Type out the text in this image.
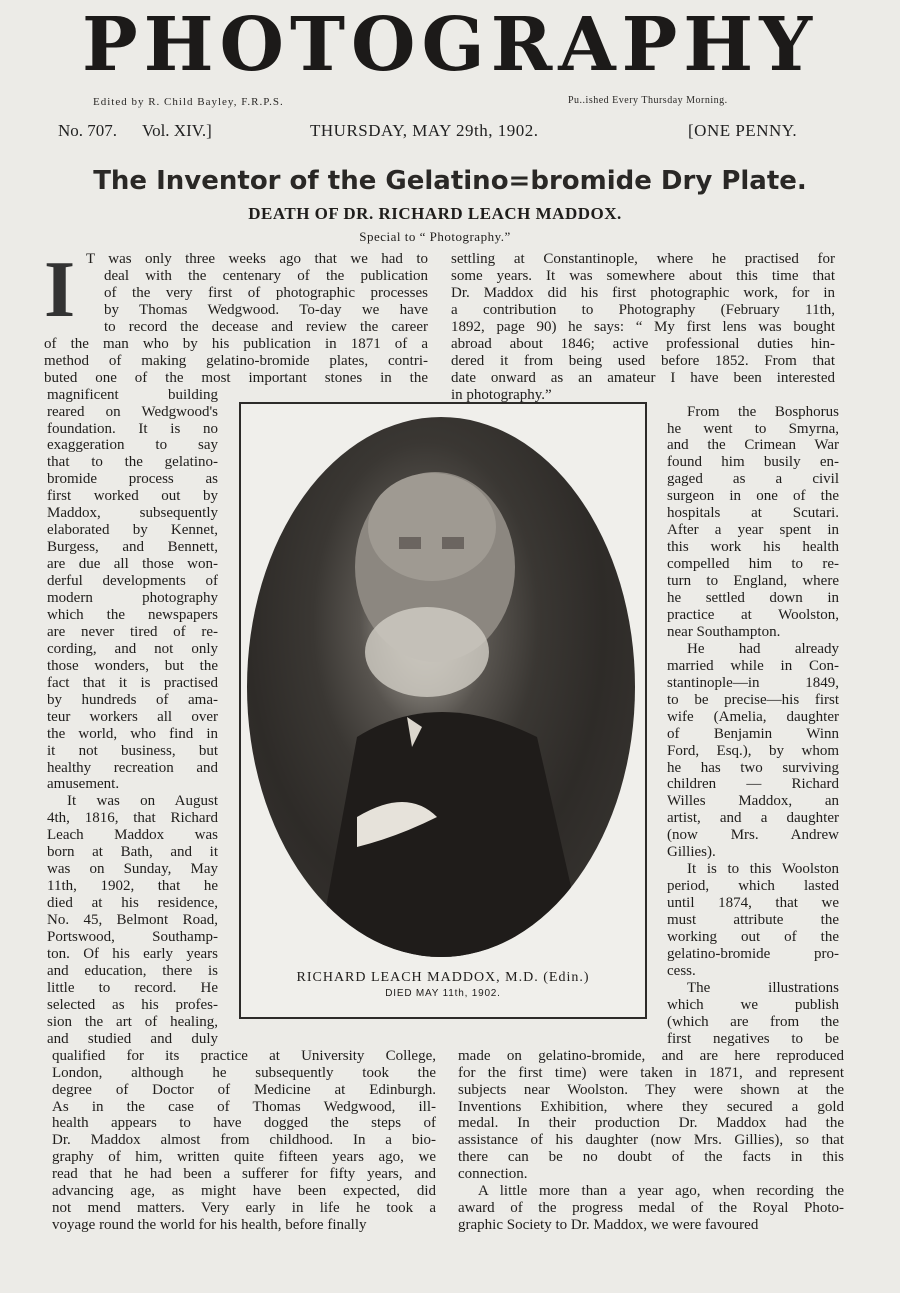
PHOTOGRAPHY
Edited by R. Child Bayley, F.R.P.S.	Pu..ished Every Thursday Morning.
No. 707. Vol. XIV.]	THURSDAY, MAY 29th, 1902.	[ONE PENNY.
The Inventor of the Gelatino=bromide Dry Plate.
DEATH OF DR. RICHARD LEACH MADDOX.
Special to “ Photography.”
I
RICHARD LEACH MADDOX, M.D. (Edin.)
DIED MAY 11th, 1902.
T was only three weeks ago that we had to
deal with the centenary of the publication
of the very first of photographic processes
by Thomas Wedgwood. To-day we have
to record the decease and review the career
of the man who by his publication in 1871 of a
method of making gelatino-bromide plates, contri-
buted one of the most important stones in the
magnificent building
reared on Wedgwood's
foundation. It is no
exaggeration to say
that to the gelatino-
bromide process as
first worked out by
Maddox, subsequently
elaborated by Kennet,
Burgess, and Bennett,
are due all those won-
derful developments of
modern photography
which the newspapers
are never tired of re-
cording, and not only
those wonders, but the
fact that it is practised
by hundreds of ama-
teur workers all over
the world, who find in
it not business, but
healthy recreation and
amusement.
It was on August
4th, 1816, that Richard
Leach Maddox was
born at Bath, and it
was on Sunday, May
11th, 1902, that he
died at his residence,
No. 45, Belmont Road,
Portswood, Southamp-
ton. Of his early years
and education, there is
little to record. He
selected as his profes-
sion the art of healing,
and studied and duly
qualified for its practice at University College,
London, although he subsequently took the
degree of Doctor of Medicine at Edinburgh.
As in the case of Thomas Wedgwood, ill-
health appears to have dogged the steps of
Dr. Maddox almost from childhood. In a bio-
graphy of him, written quite fifteen years ago, we
read that he had been a sufferer for fifty years, and
advancing age, as might have been expected, did
not mend matters. Very early in life he took a
voyage round the world for his health, before finally
settling at Constantinople, where he practised for
some years. It was somewhere about this time that
Dr. Maddox did his first photographic work, for in
a contribution to Photography (February 11th,
1892, page 90) he says: “ My first lens was bought
abroad about 1846; active professional duties hin-
dered it from being used before 1852. From that
date onward as an amateur I have been interested
in photography.”
From the Bosphorus
he went to Smyrna,
and the Crimean War
found him busily en-
gaged as a civil
surgeon in one of the
hospitals at Scutari.
After a year spent in
this work his health
compelled him to re-
turn to England, where
he settled down in
practice at Woolston,
near Southampton.
He had already
married while in Con-
stantinople—in 1849,
to be precise—his first
wife (Amelia, daughter
of Benjamin Winn
Ford, Esq.), by whom
he has two surviving
children — Richard
Willes Maddox, an
artist, and a daughter
(now Mrs. Andrew
Gillies).
It is to this Woolston
period, which lasted
until 1874, that we
must attribute the
working out of the
gelatino-bromide pro-
cess.
The illustrations
which we publish
(which are from the
first negatives to be
made on gelatino-bromide, and are here reproduced
for the first time) were taken in 1871, and represent
subjects near Woolston. They were shown at the
Inventions Exhibition, where they secured a gold
medal. In their production Dr. Maddox had the
assistance of his daughter (now Mrs. Gillies), so that
there can be no doubt of the facts in this
connection.
A little more than a year ago, when recording the
award of the progress medal of the Royal Photo-
graphic Society to Dr. Maddox, we were favoured
